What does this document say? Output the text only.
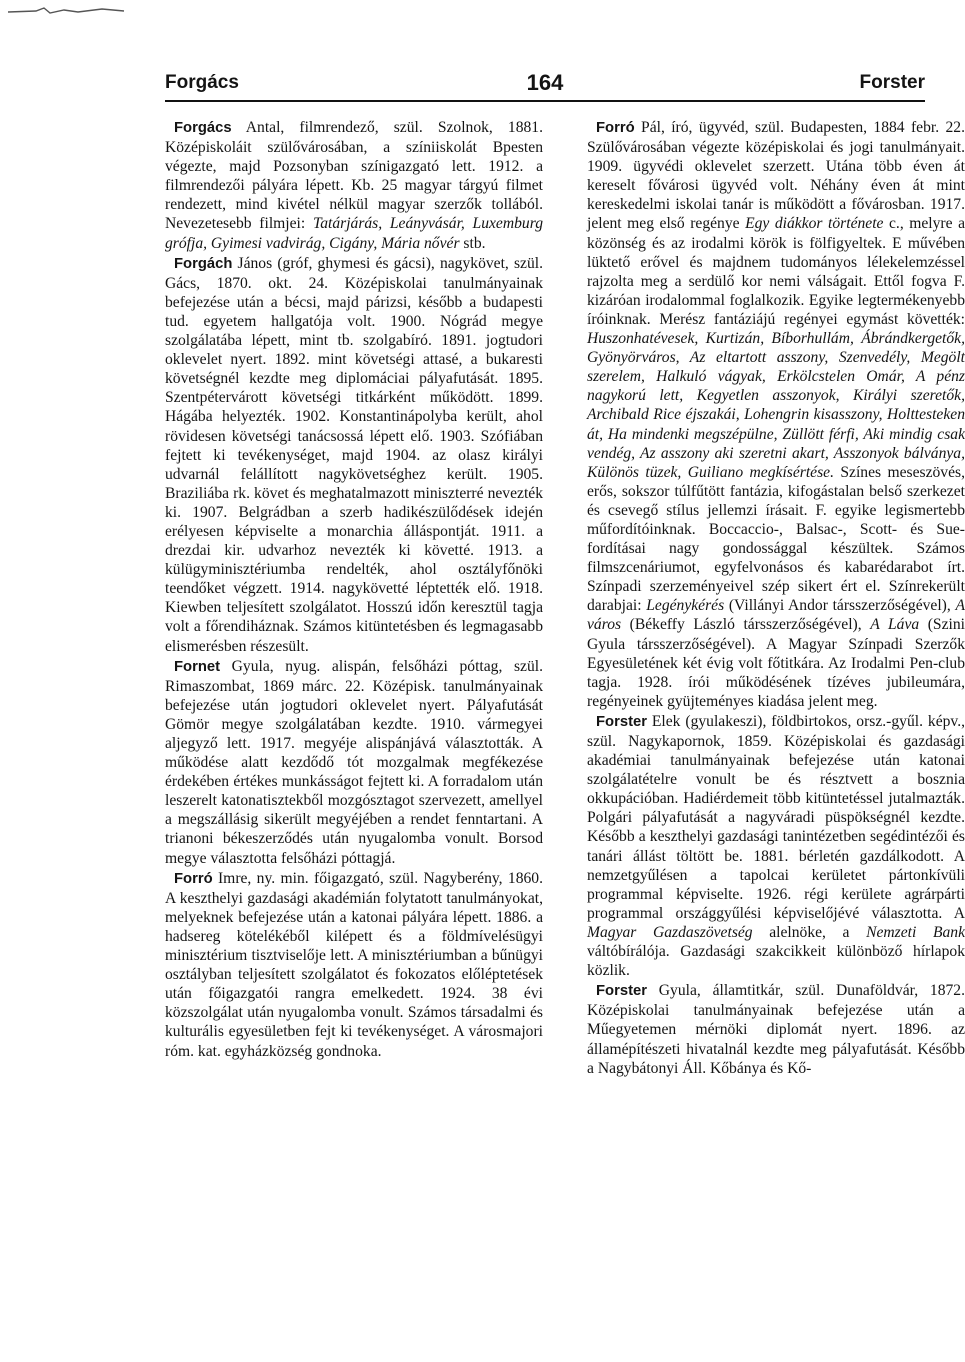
Forgács	164	Forster

Forgács Antal, filmrendező, szül. Szolnok, 1881. Középiskoláit szülővárosában, a színiiskolát Bpesten végezte, majd Pozsonyban színigazgató lett. 1912. a filmrendezői pályára lépett. Kb. 25 magyar tárgyú filmet rendezett, mind kivétel nélkül magyar szerzők tollából. Nevezetesebb filmjei: Tatárjárás, Leányvásár, Luxemburg grófja, Gyimesi vadvirág, Cigány, Mária nővér stb.

Forgách János (gróf, ghymesi és gácsi), nagykövet, szül. Gács, 1870. okt. 24. Középiskolai tanulmányainak befejezése után a bécsi, majd párizsi, később a budapesti tud. egyetem hallgatója volt. 1900. Nógrád megye szolgálatába lépett, mint tb. szolgabíró. 1891. jogtudori oklevelet nyert. 1892. mint követségi attasé, a bukaresti követségnél kezdte meg diplomáciai pályafutását. 1895. Szentpétervárott követségi titkárként működött. 1899. Hágába helyezték. 1902. Konstantinápolyba került, ahol rövidesen követségi tanácsossá lépett elő. 1903. Szófiában fejtett ki tevékenységet, majd 1904. az olasz királyi udvarnál felállított nagykövetséghez került. 1905. Braziliába rk. követ és meghatalmazott miniszterré nevezték ki. 1907. Belgrádban a szerb hadikészülődések idején erélyesen képviselte a monarchia álláspontját. 1911. a drezdai kir. udvarhoz nevezték ki követté. 1913. a külügyminisztériumba rendelték, ahol osztályfőnöki teendőket végzett. 1914. nagykövetté léptették elő. 1918. Kiewben teljesített szolgálatot. Hosszú időn keresztül tagja volt a főrendiháznak. Számos kitüntetésben és legmagasabb elismerésben részesült.

Fornet Gyula, nyug. alispán, felsőházi póttag, szül. Rimaszombat, 1869 márc. 22. Középisk. tanulmányainak befejezése után jogtudori oklevelet nyert. Pályafutását Gömör megye szolgálatában kezdte. 1910. vármegyei aljegyző lett. 1917. megyéje alispánjává választották. A működése alatt kezdődő tót mozgalmak megfékezése érdekében értékes munkásságot fejtett ki. A forradalom után leszerelt katonatisztekből mozgósztagot szervezett, amellyel a megszállásig sikerült megyéjében a rendet fenntartani. A trianoni békeszerződés után nyugalomba vonult. Borsod megye választotta felsőházi póttagjá.

Forró Imre, ny. min. főigazgató, szül. Nagyberény, 1860. A keszthelyi gazdasági akadémián folytatott tanulmányokat, melyeknek befejezése után a katonai pályára lépett. 1886. a hadsereg kötelékéből kilépett és a földmívelésügyi minisztérium tisztviselője lett. A minisztériumban a bűnügyi osztályban teljesített szolgálatot és fokozatos előléptetések után főigazgatói rangra emelkedett. 1924. 38 évi közszolgálat után nyugalomba vonult. Számos társadalmi és kulturális egyesületben fejt ki tevékenységet. A városmajori róm. kat. egyházközség gondnoka.

Forró Pál, író, ügyvéd, szül. Budapesten, 1884 febr. 22. Szülővárosában végezte középiskolai és jogi tanulmányait. 1909. ügyvédi oklevelet szerzett. Utána több éven át kereselt fővárosi ügyvéd volt. Néhány éven át mint kereskedelmi iskolai tanár is működött a fővárosban. 1917. jelent meg első regénye Egy diákkor története c., melyre a közönség és az irodalmi körök is fölfigyeltek. E művében lüktető erővel és majdnem tudományos lélekelemzéssel rajzolta meg a serdülő kor nemi válságait. Ettől fogva F. kizáróan irodalommal foglalkozik. Egyike legtermékenyebb íróinknak. Merész fantáziájú regényei egymást követték: Huszonhatévesek, Kurtizán, Bíborhullám, Ábrándkergetők, Gyönyörváros, Az eltartott asszony, Szenvedély, Megölt szerelem, Halkuló vágyak, Erkölcstelen Omár, A pénz nagykorú lett, Kegyetlen asszonyok, Királyi szeretők, Archibald Rice éjszakái, Lohengrin kisasszony, Holttesteken át, Ha mindenki megszépülne, Züllött férfi, Aki mindig csak vendég, Az asszony aki szeretni akart, Asszonyok bálványa, Különös tüzek, Guiliano megkísértése. Színes meseszövés, erős, sokszor túlfűtött fantázia, kifogástalan belső szerkezet és csevegő stílus jellemzi írásait. F. egyike legismertebb műfordítóinknak. Boccaccio-, Balsac-, Scott- és Sue-fordításai nagy gondossággal készültek. Számos filmszcenáriumot, egyfelvonásos és kabarédarabot írt. Színpadi szerzeményeivel szép sikert ért el. Színrekerült darabjai: Legénykérés (Villányi Andor társszerzőségével), A város (Békeffy László társszerzőségével), A Láva (Szini Gyula társszerzőségével). A Magyar Színpadi Szerzők Egyesületének két évig volt főtitkára. Az Irodalmi Pen-club tagja. 1928. írói működésének tízéves jubileumára, regényeinek gyüjteményes kiadása jelent meg.

Forster Elek (gyulakeszi), földbirtokos, orsz.-gyűl. képv., szül. Nagykapornok, 1859. Középiskolai és gazdasági akadémiai tanulmányainak befejezése után katonai szolgálatételre vonult be és résztvett a bosznia okkupációban. Hadiérdemeit több kitüntetéssel jutalmazták. Polgári pályafutását a nagyváradi püspökségnél kezdte. Később a keszthelyi gazdasági tanintézetben segédintézői és tanári állást töltött be. 1881. bérletén gazdálkodott. A nemzetgyűlésen a tapolcai kerületet pártonkívüli programmal képviselte. 1926. régi kerülete agrárpárti programmal országgyűlési képviselőjévé választotta. A Magyar Gazdaszövetség alelnöke, a Nemzeti Bank váltóbírálója. Gazdasági szakcikkeit különböző hírlapok közlik.

Forster Gyula, államtitkár, szül. Dunaföldvár, 1872. Középiskolai tanulmányainak befejezése után a Műegyetemen mérnöki diplomát nyert. 1896. az államépítészeti hivatalnál kezdte meg pályafutását. Később a Nagybátonyi Áll. Kőbánya és Kő-
